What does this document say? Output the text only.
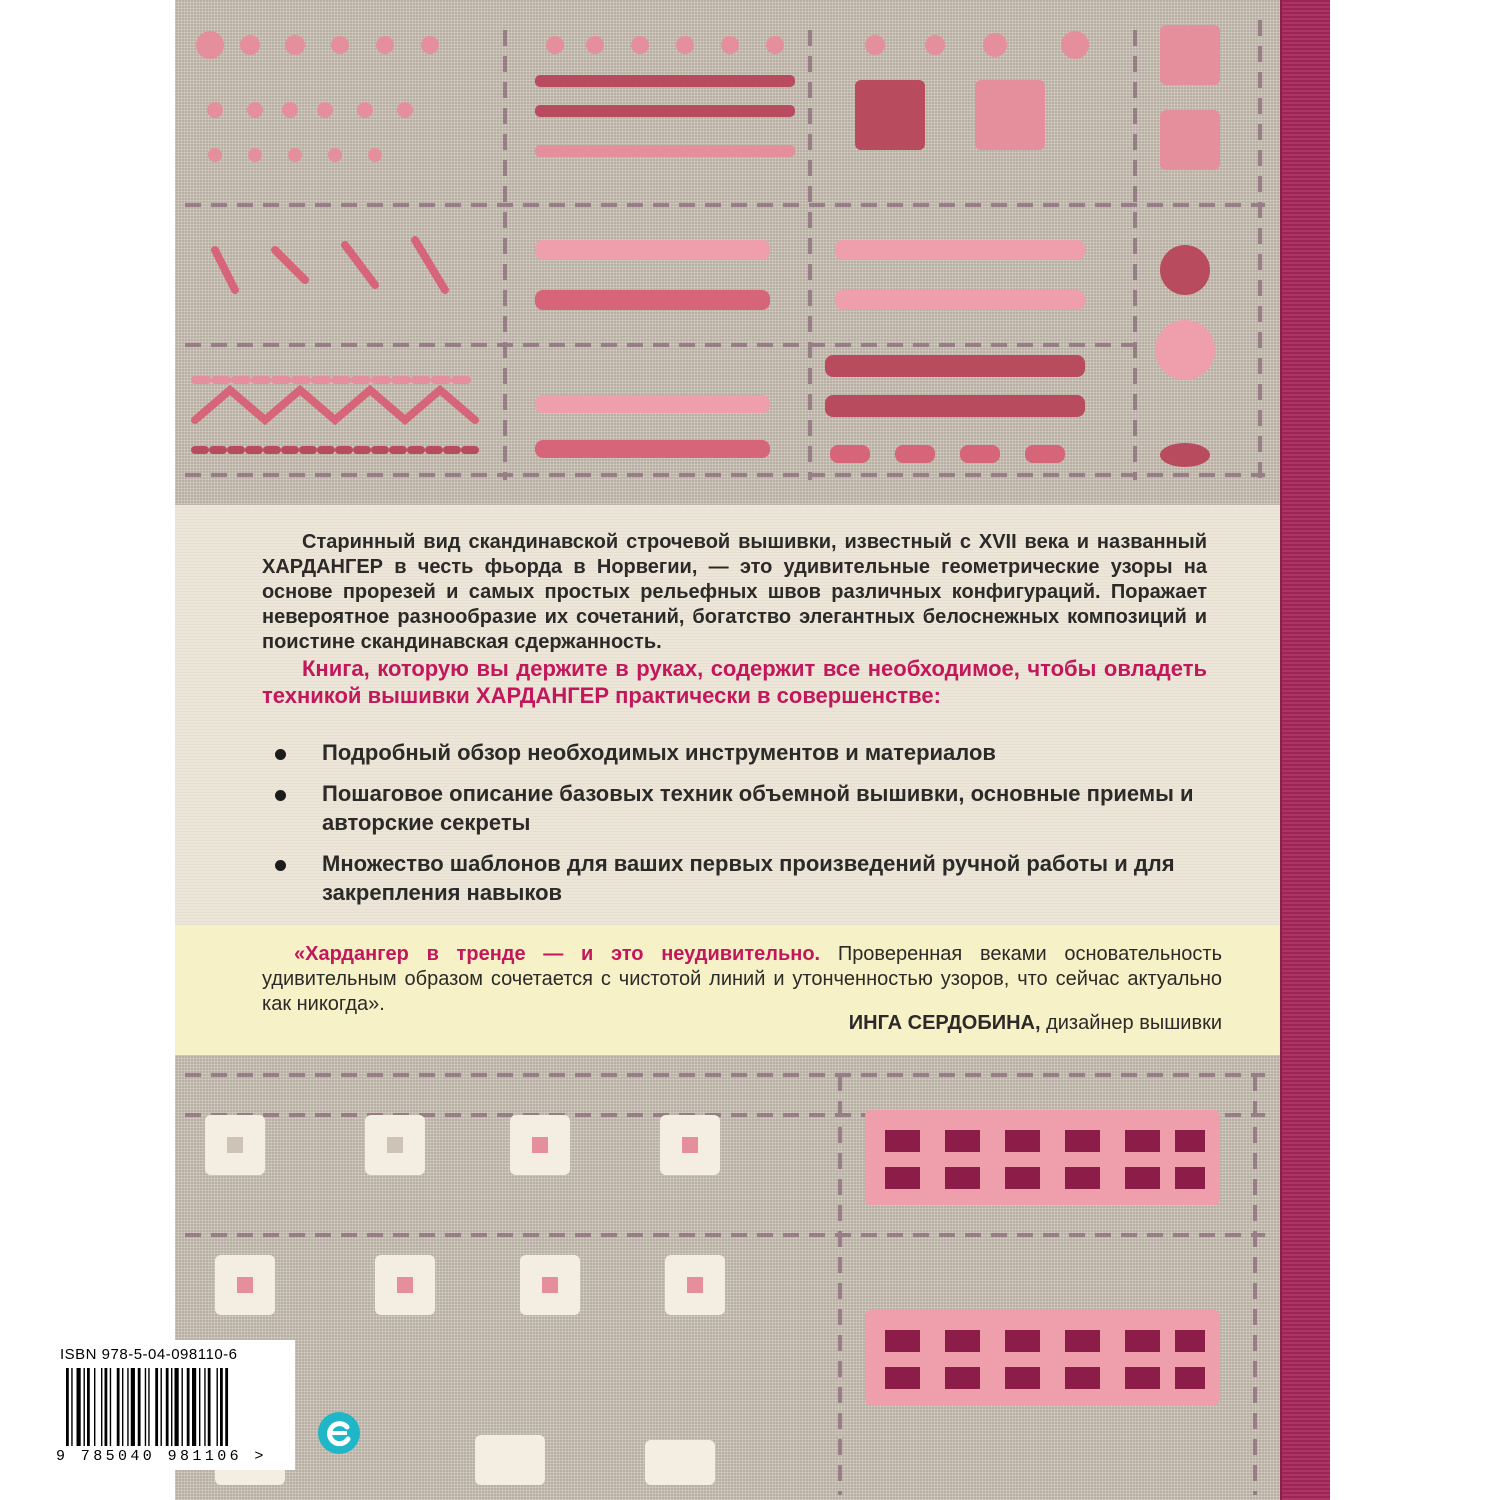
Старинный вид скандинавской строчевой вышивки, известный с XVII века и названный ХАРДАНГЕР в честь фьорда в Норвегии, — это удивительные геометрические узоры на основе прорезей и самых простых рельефных швов различных конфигураций. Поражает невероятное разнообразие их сочетаний, богатство элегантных белоснежных композиций и поистине скандинавская сдержанность.

Книга, которую вы держите в руках, содержит все необходимое, чтобы овладеть техникой вышивки ХАРДАНГЕР практически в совершенстве:

Подробный обзор необходимых инструментов и материалов
Пошаговое описание базовых техник объемной вышивки, основные приемы и авторские секреты
Множество шаблонов для ваших первых произведений ручной работы и для закрепления навыков

«Хардангер в тренде — и это неудивительно. Проверенная веками основательность удивительным образом сочетается с чистотой линий и утонченностью узоров, что сейчас актуально как никогда».

ИНГА СЕРДОБИНА, дизайнер вышивки

ISBN 978-5-04-098110-6
9 785040 981106 >
